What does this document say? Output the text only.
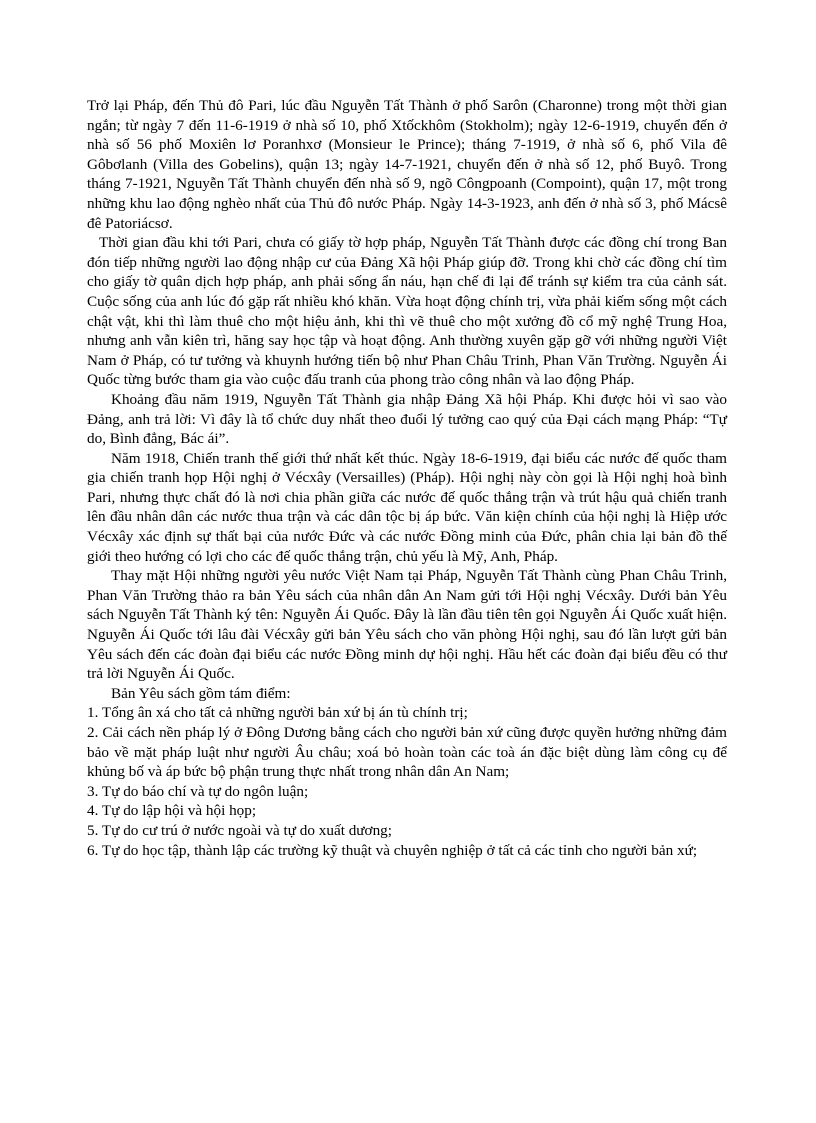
Trở lại Pháp, đến Thủ đô Pari, lúc đầu Nguyễn Tất Thành ở phố Sarôn (Charonne) trong một thời gian ngắn; từ ngày 7 đến 11-6-1919 ở nhà số 10, phố Xtốckhôm (Stokholm); ngày 12-6-1919, chuyển đến ở nhà số 56 phố Moxiên lơ Poranhxơ (Monsieur le Prince); tháng 7-1919, ở nhà số 6, phố Vila đê Gôbơlanh (Villa des Gobelins), quận 13; ngày 14-7-1921, chuyển đến ở nhà số 12, phố Buyô. Trong tháng 7-1921, Nguyễn Tất Thành chuyển đến nhà số 9, ngõ Côngpoanh (Compoint), quận 17, một trong những khu lao động nghèo nhất của Thủ đô nước Pháp. Ngày 14-3-1923, anh đến ở nhà số 3, phố Mácsê đê Patoriácsơ.

Thời gian đầu khi tới Pari, chưa có giấy tờ hợp pháp, Nguyễn Tất Thành được các đồng chí trong Ban đón tiếp những người lao động nhập cư của Đảng Xã hội Pháp giúp đỡ. Trong khi chờ các đồng chí tìm cho giấy tờ quân dịch hợp pháp, anh phải sống ẩn náu, hạn chế đi lại để tránh sự kiểm tra của cảnh sát. Cuộc sống của anh lúc đó gặp rất nhiều khó khăn. Vừa hoạt động chính trị, vừa phải kiếm sống một cách chật vật, khi thì làm thuê cho một hiệu ảnh, khi thì vẽ thuê cho một xưởng đồ cổ mỹ nghệ Trung Hoa, nhưng anh vẫn kiên trì, hăng say học tập và hoạt động. Anh thường xuyên gặp gỡ với những người Việt Nam ở Pháp, có tư tưởng và khuynh hướng tiến bộ như Phan Châu Trinh, Phan Văn Trường. Nguyễn Ái Quốc từng bước tham gia vào cuộc đấu tranh của phong trào công nhân và lao động Pháp.

Khoảng đầu năm 1919, Nguyễn Tất Thành gia nhập Đảng Xã hội Pháp. Khi được hỏi vì sao vào Đảng, anh trả lời: Vì đây là tổ chức duy nhất theo đuổi lý tưởng cao quý của Đại cách mạng Pháp: “Tự do, Bình đẳng, Bác ái”.

Năm 1918, Chiến tranh thế giới thứ nhất kết thúc. Ngày 18-6-1919, đại biểu các nước đế quốc tham gia chiến tranh họp Hội nghị ở Vécxây (Versailles) (Pháp). Hội nghị này còn gọi là Hội nghị hoà bình Pari, nhưng thực chất đó là nơi chia phần giữa các nước đế quốc thắng trận và trút hậu quả chiến tranh lên đầu nhân dân các nước thua trận và các dân tộc bị áp bức. Văn kiện chính của hội nghị là Hiệp ước Vécxây xác định sự thất bại của nước Đức và các nước Đồng minh của Đức, phân chia lại bản đồ thế giới theo hướng có lợi cho các đế quốc thắng trận, chủ yếu là Mỹ, Anh, Pháp.

Thay mặt Hội những người yêu nước Việt Nam tại Pháp, Nguyễn Tất Thành cùng Phan Châu Trinh, Phan Văn Trường thảo ra bản Yêu sách của nhân dân An Nam gửi tới Hội nghị Vécxây. Dưới bản Yêu sách Nguyễn Tất Thành ký tên: Nguyễn Ái Quốc. Đây là lần đầu tiên tên gọi Nguyễn Ái Quốc xuất hiện. Nguyễn Ái Quốc tới lâu đài Vécxây gửi bản Yêu sách cho văn phòng Hội nghị, sau đó lần lượt gửi bản Yêu sách đến các đoàn đại biểu các nước Đồng minh dự hội nghị. Hầu hết các đoàn đại biểu đều có thư trả lời Nguyễn Ái Quốc.

Bản Yêu sách gồm tám điểm:

1. Tổng ân xá cho tất cả những người bản xứ bị án tù chính trị;

2. Cải cách nền pháp lý ở Đông Dương bằng cách cho người bản xứ cũng được quyền hưởng những đảm bảo về mặt pháp luật như người Âu châu; xoá bỏ hoàn toàn các toà án đặc biệt dùng làm công cụ để khủng bố và áp bức bộ phận trung thực nhất trong nhân dân An Nam;

3. Tự do báo chí và tự do ngôn luận;

4. Tự do lập hội và hội họp;

5. Tự do cư trú ở nước ngoài và tự do xuất dương;

6. Tự do học tập, thành lập các trường kỹ thuật và chuyên nghiệp ở tất cả các tỉnh cho người bản xứ;
